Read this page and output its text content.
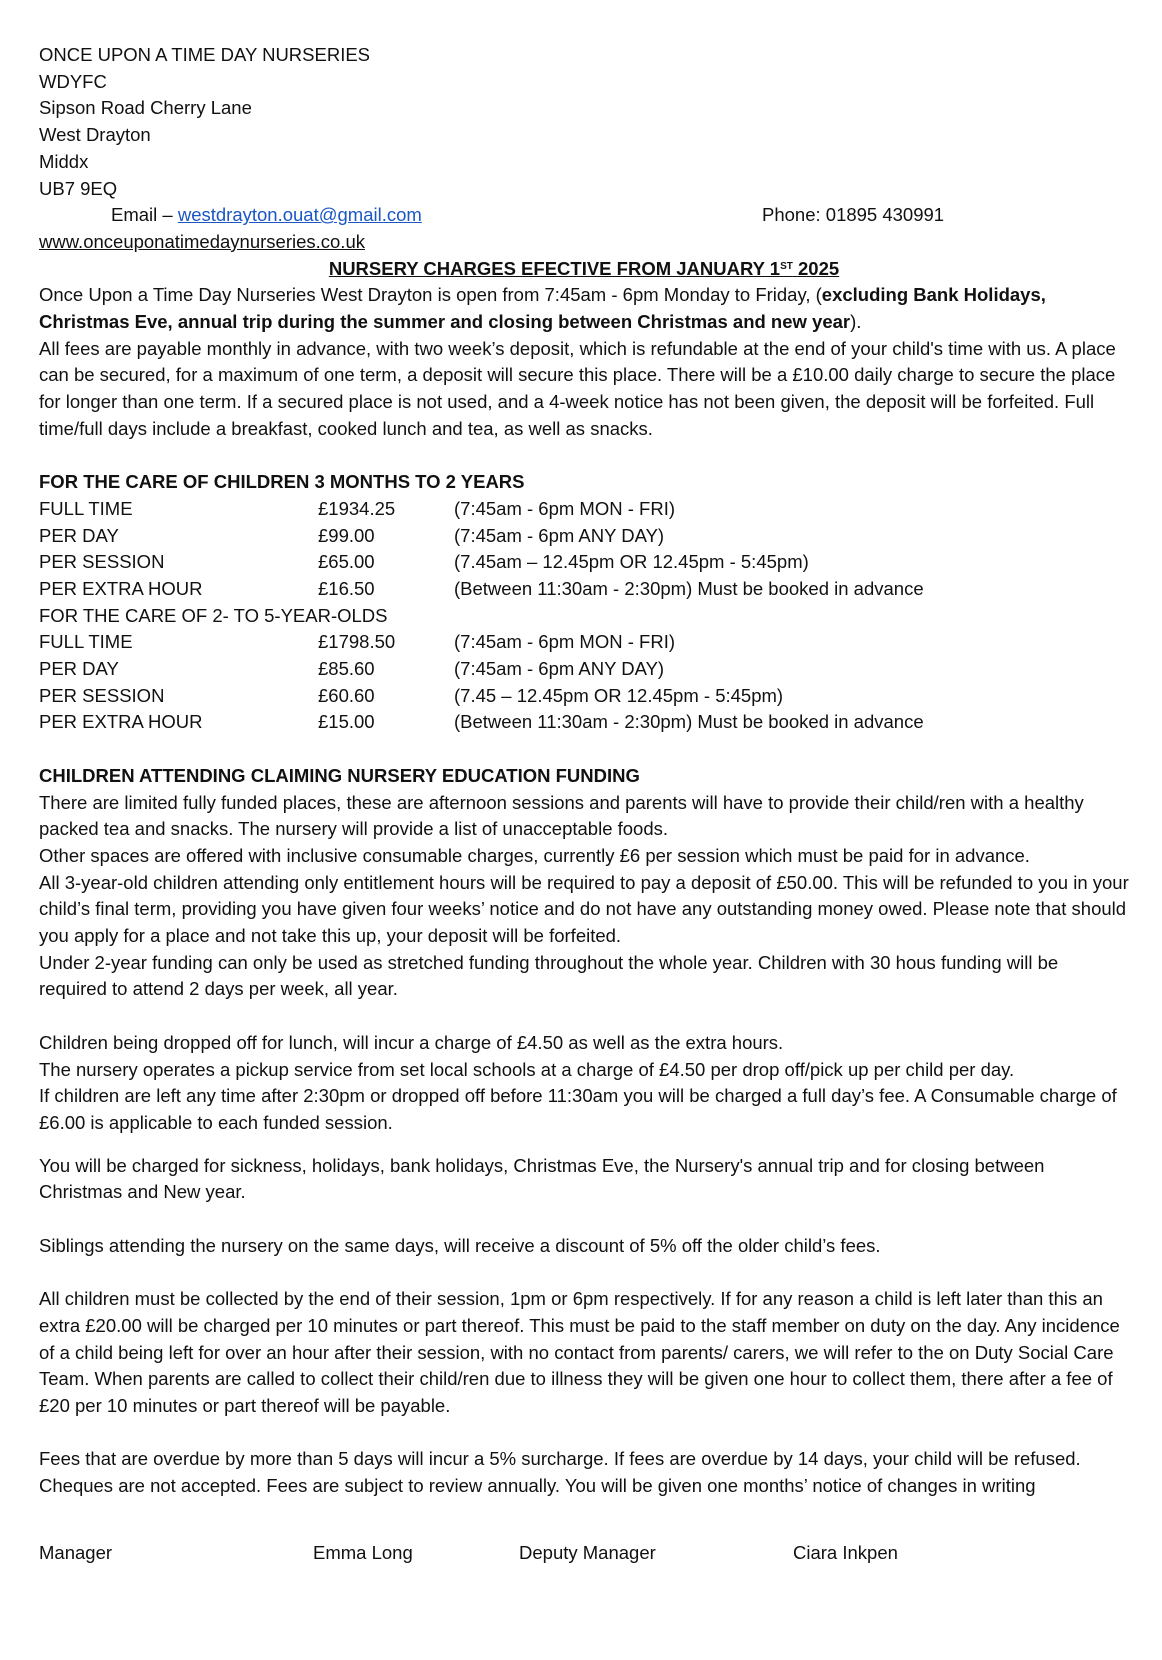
ONCE UPON A TIME DAY NURSERIES
WDYFC
Sipson Road Cherry Lane
West Drayton
Middx
UB7 9EQ
Email – westdrayton.ouat@gmail.com	Phone: 01895 430991
www.onceuponatimedaynurseries.co.uk
NURSERY CHARGES EFECTIVE FROM JANUARY 1ST 2025

Once Upon a Time Day Nurseries West Drayton is open from 7:45am - 6pm Monday to Friday, (excluding Bank Holidays, Christmas Eve, annual trip during the summer and closing between Christmas and new year).

All fees are payable monthly in advance, with two week’s deposit, which is refundable at the end of your child's time with us. A place can be secured, for a maximum of one term, a deposit will secure this place. There will be a £10.00 daily charge to secure the place for longer than one term. If a secured place is not used, and a 4-week notice has not been given, the deposit will be forfeited. Full time/full days include a breakfast, cooked lunch and tea, as well as snacks.

FOR THE CARE OF CHILDREN 3 MONTHS TO 2 YEARS
FULL TIME	£1934.25	(7:45am - 6pm MON - FRI)
PER DAY	£99.00	(7:45am - 6pm ANY DAY)
PER SESSION	£65.00	(7.45am – 12.45pm OR 12.45pm - 5:45pm)
PER EXTRA HOUR	£16.50	(Between 11:30am - 2:30pm) Must be booked in advance
FOR THE CARE OF 2- TO 5-YEAR-OLDS
FULL TIME	£1798.50	(7:45am - 6pm MON - FRI)
PER DAY	£85.60	(7:45am - 6pm ANY DAY)
PER SESSION	£60.60	(7.45 – 12.45pm OR 12.45pm - 5:45pm)
PER EXTRA HOUR	£15.00	(Between 11:30am - 2:30pm) Must be booked in advance
CHILDREN ATTENDING CLAIMING NURSERY EDUCATION FUNDING

There are limited fully funded places, these are afternoon sessions and parents will have to provide their child/ren with a healthy packed tea and snacks. The nursery will provide a list of unacceptable foods.

Other spaces are offered with inclusive consumable charges, currently £6 per session which must be paid for in advance.

All 3-year-old children attending only entitlement hours will be required to pay a deposit of £50.00. This will be refunded to you in your child’s final term, providing you have given four weeks’ notice and do not have any outstanding money owed. Please note that should you apply for a place and not take this up, your deposit will be forfeited.

Under 2-year funding can only be used as stretched funding throughout the whole year. Children with 30 hous funding will be required to attend 2 days per week, all year.

Children being dropped off for lunch, will incur a charge of £4.50 as well as the extra hours.

The nursery operates a pickup service from set local schools at a charge of £4.50 per drop off/pick up per child per day.

If children are left any time after 2:30pm or dropped off before 11:30am you will be charged a full day’s fee. A Consumable charge of £6.00 is applicable to each funded session.

You will be charged for sickness, holidays, bank holidays, Christmas Eve, the Nursery's annual trip and for closing between Christmas and New year.

Siblings attending the nursery on the same days, will receive a discount of 5% off the older child’s fees.

All children must be collected by the end of their session, 1pm or 6pm respectively. If for any reason a child is left later than this an extra £20.00 will be charged per 10 minutes or part thereof. This must be paid to the staff member on duty on the day. Any incidence of a child being left for over an hour after their session, with no contact from parents/ carers, we will refer to the on Duty Social Care Team. When parents are called to collect their child/ren due to illness they will be given one hour to collect them, there after a fee of £20 per 10 minutes or part thereof will be payable.

Fees that are overdue by more than 5 days will incur a 5% surcharge. If fees are overdue by 14 days, your child will be refused. Cheques are not accepted. Fees are subject to review annually. You will be given one months’ notice of changes in writing

Manager	Emma Long	Deputy Manager	Ciara Inkpen
